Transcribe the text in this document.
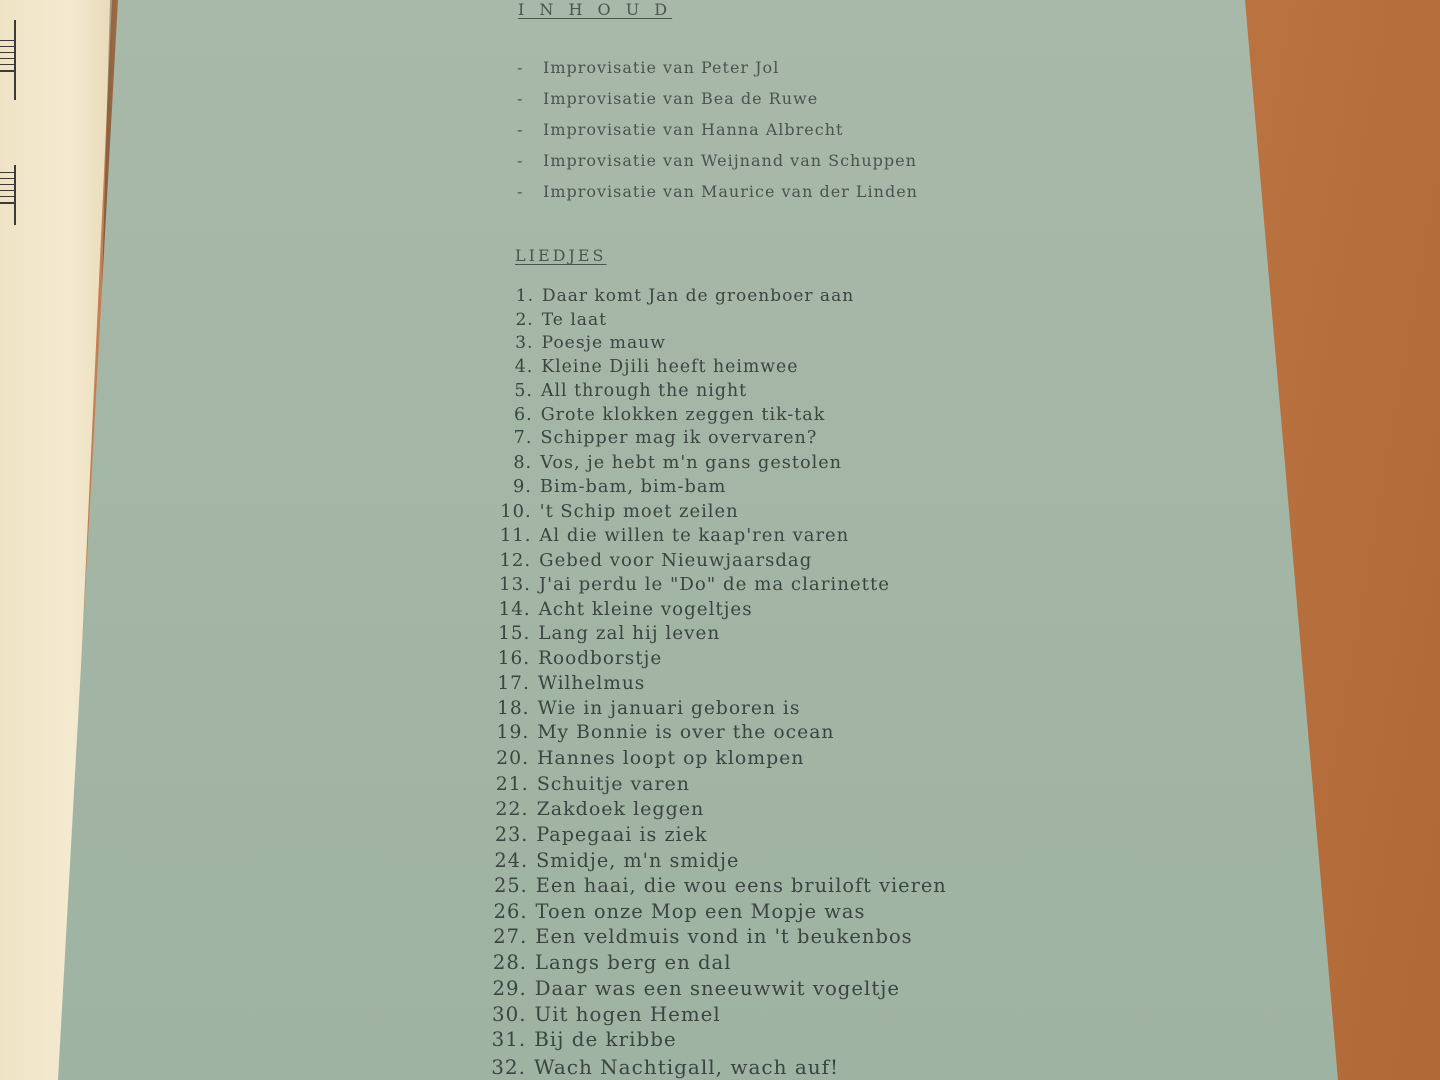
I N H O U D
- Improvisatie van Peter Jol
- Improvisatie van Bea de Ruwe
- Improvisatie van Hanna Albrecht
- Improvisatie van Weijnand van Schuppen
- Improvisatie van Maurice van der Linden
LIEDJES
1. Daar komt Jan de groenboer aan
2. Te laat
3. Poesje mauw
4. Kleine Djili heeft heimwee
5. All through the night
6. Grote klokken zeggen tik-tak
7. Schipper mag ik overvaren?
8. Vos, je hebt m'n gans gestolen
9. Bim-bam, bim-bam
10. 't Schip moet zeilen
11. Al die willen te kaap'ren varen
12. Gebed voor Nieuwjaarsdag
13. J'ai perdu le "Do" de ma clarinette
14. Acht kleine vogeltjes
15. Lang zal hij leven
16. Roodborstje
17. Wilhelmus
18. Wie in januari geboren is
19. My Bonnie is over the ocean
20. Hannes loopt op klompen
21. Schuitje varen
22. Zakdoek leggen
23. Papegaai is ziek
24. Smidje, m'n smidje
25. Een haai, die wou eens bruiloft vieren
26. Toen onze Mop een Mopje was
27. Een veldmuis vond in 't beukenbos
28. Langs berg en dal
29. Daar was een sneeuwwit vogeltje
30. Uit hogen Hemel
31. Bij de kribbe
32. Wach Nachtigall, wach auf!
